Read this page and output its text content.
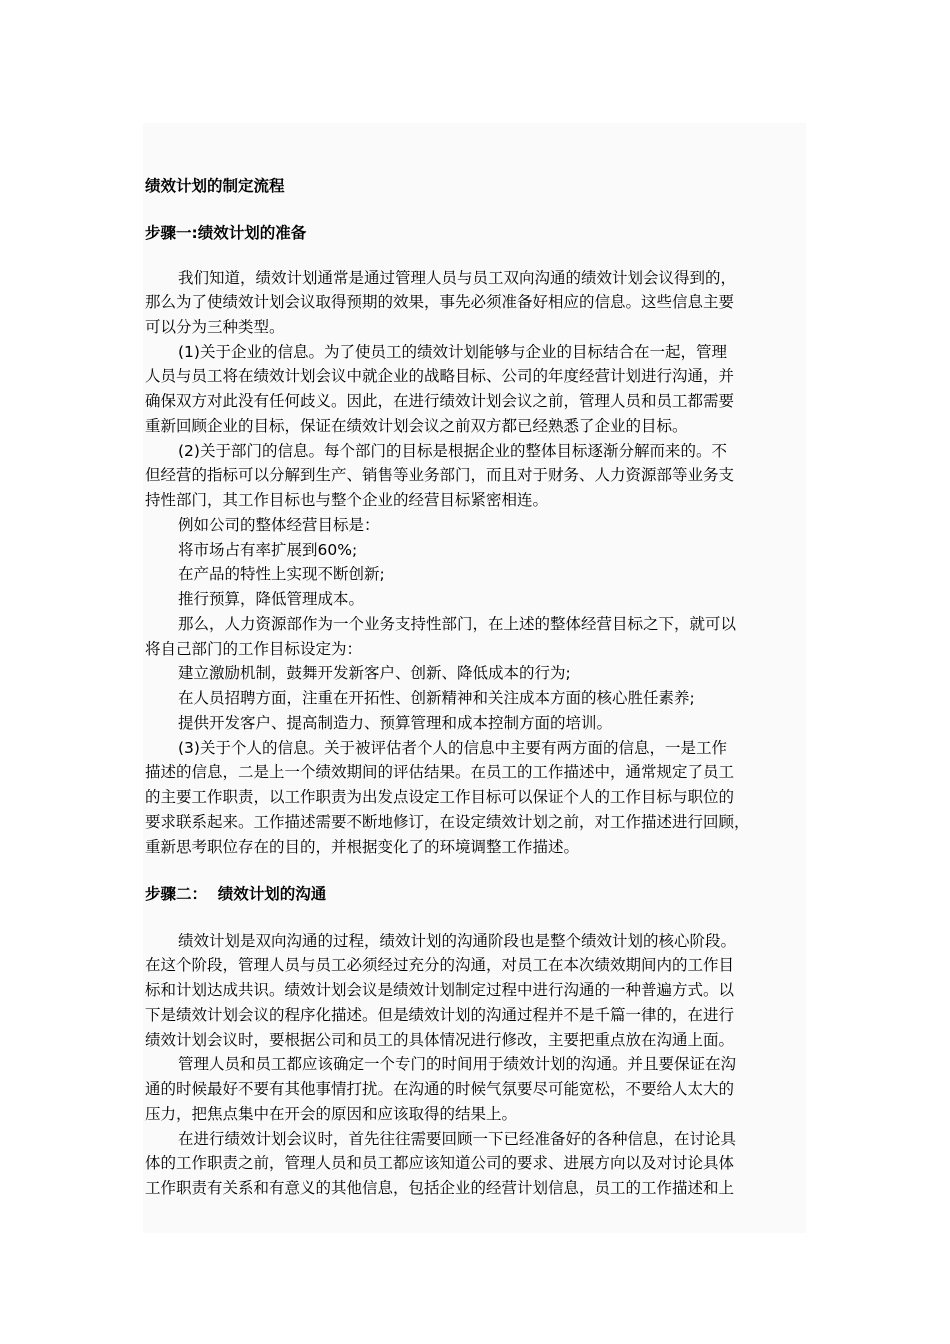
绩效计划的制定流程
步骤一:绩效计划的准备
我们知道，绩效计划通常是通过管理人员与员工双向沟通的绩效计划会议得到的，
那么为了使绩效计划会议取得预期的效果，事先必须准备好相应的信息。这些信息主要
可以分为三种类型。
(1)关于企业的信息。为了使员工的绩效计划能够与企业的目标结合在一起，管理
人员与员工将在绩效计划会议中就企业的战略目标、公司的年度经营计划进行沟通，并
确保双方对此没有任何歧义。因此，在进行绩效计划会议之前，管理人员和员工都需要
重新回顾企业的目标，保证在绩效计划会议之前双方都已经熟悉了企业的目标。
(2)关于部门的信息。每个部门的目标是根据企业的整体目标逐渐分解而来的。不
但经营的指标可以分解到生产、销售等业务部门，而且对于财务、人力资源部等业务支
持性部门，其工作目标也与整个企业的经营目标紧密相连。
例如公司的整体经营目标是：
将市场占有率扩展到60%;
在产品的特性上实现不断创新;
推行预算，降低管理成本。
那么，人力资源部作为一个业务支持性部门，在上述的整体经营目标之下，就可以
将自己部门的工作目标设定为：
建立激励机制，鼓舞开发新客户、创新、降低成本的行为;
在人员招聘方面，注重在开拓性、创新精神和关注成本方面的核心胜任素养;
提供开发客户、提高制造力、预算管理和成本控制方面的培训。
(3)关于个人的信息。关于被评估者个人的信息中主要有两方面的信息，一是工作
描述的信息，二是上一个绩效期间的评估结果。在员工的工作描述中，通常规定了员工
的主要工作职责，以工作职责为出发点设定工作目标可以保证个人的工作目标与职位的
要求联系起来。工作描述需要不断地修订，在设定绩效计划之前，对工作描述进行回顾，
重新思考职位存在的目的，并根据变化了的环境调整工作描述。
步骤二：  绩效计划的沟通
绩效计划是双向沟通的过程，绩效计划的沟通阶段也是整个绩效计划的核心阶段。
在这个阶段，管理人员与员工必须经过充分的沟通，对员工在本次绩效期间内的工作目
标和计划达成共识。绩效计划会议是绩效计划制定过程中进行沟通的一种普遍方式。以
下是绩效计划会议的程序化描述。但是绩效计划的沟通过程并不是千篇一律的，在进行
绩效计划会议时，要根据公司和员工的具体情况进行修改，主要把重点放在沟通上面。
管理人员和员工都应该确定一个专门的时间用于绩效计划的沟通。并且要保证在沟
通的时候最好不要有其他事情打扰。在沟通的时候气氛要尽可能宽松，不要给人太大的
压力，把焦点集中在开会的原因和应该取得的结果上。
在进行绩效计划会议时，首先往往需要回顾一下已经准备好的各种信息，在讨论具
体的工作职责之前，管理人员和员工都应该知道公司的要求、进展方向以及对讨论具体
工作职责有关系和有意义的其他信息，包括企业的经营计划信息，员工的工作描述和上
